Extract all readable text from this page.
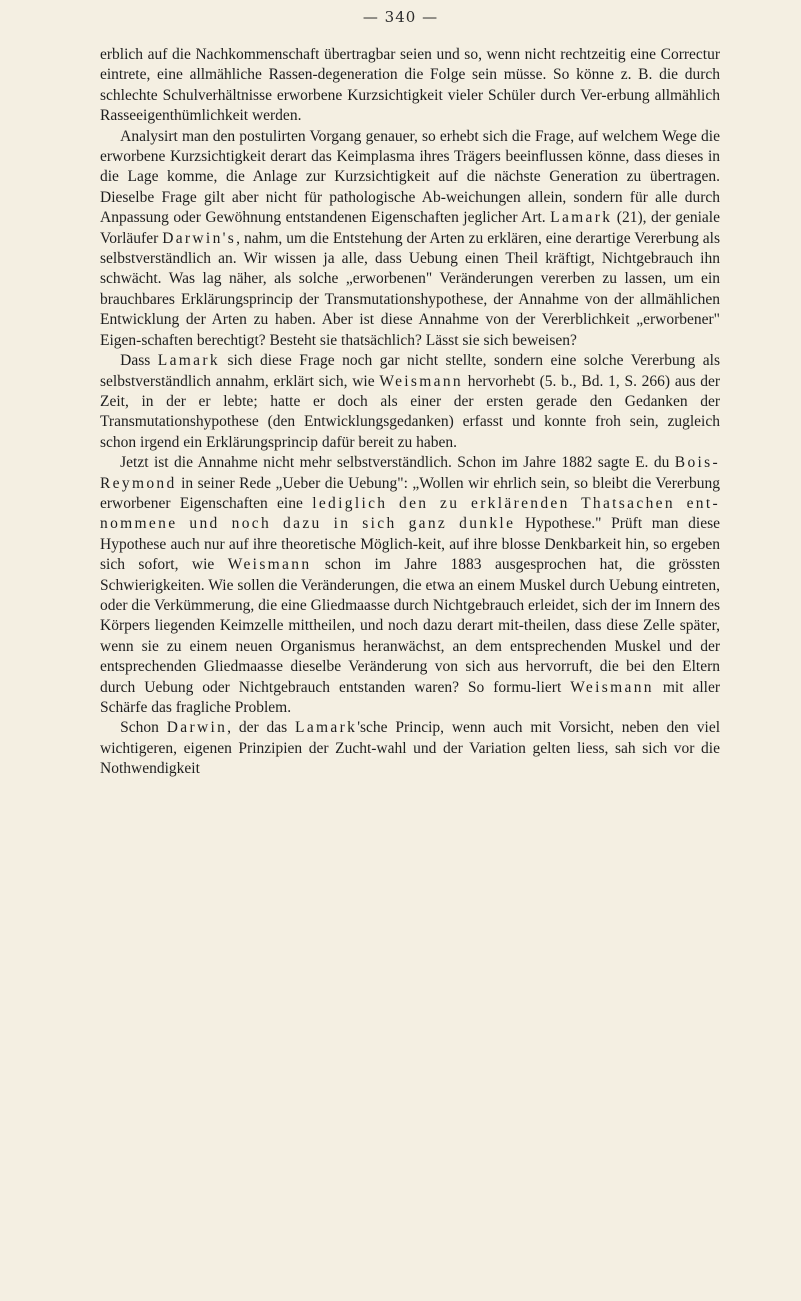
— 340 —

erblich auf die Nachkommenschaft übertragbar seien und so, wenn nicht rechtzeitig eine Correctur eintrete, eine allmähliche Rassen-degeneration die Folge sein müsse. So könne z. B. die durch schlechte Schulverhältnisse erworbene Kurzsichtigkeit vieler Schüler durch Ver-erbung allmählich Rasseeigenthümlichkeit werden.

Analysirt man den postulirten Vorgang genauer, so erhebt sich die Frage, auf welchem Wege die erworbene Kurzsichtigkeit derart das Keimplasma ihres Trägers beeinflussen könne, dass dieses in die Lage komme, die Anlage zur Kurzsichtigkeit auf die nächste Generation zu übertragen. Dieselbe Frage gilt aber nicht für pathologische Ab-weichungen allein, sondern für alle durch Anpassung oder Gewöhnung entstandenen Eigenschaften jeglicher Art. Lamark (21), der geniale Vorläufer Darwin's, nahm, um die Entstehung der Arten zu erklären, eine derartige Vererbung als selbstverständlich an. Wir wissen ja alle, dass Uebung einen Theil kräftigt, Nichtgebrauch ihn schwächt. Was lag näher, als solche „erworbenen" Veränderungen vererben zu lassen, um ein brauchbares Erklärungsprincip der Transmutationshypothese, der Annahme von der allmählichen Entwicklung der Arten zu haben. Aber ist diese Annahme von der Vererblichkeit „erworbener" Eigen-schaften berechtigt? Besteht sie thatsächlich? Lässt sie sich beweisen?

Dass Lamark sich diese Frage noch gar nicht stellte, sondern eine solche Vererbung als selbstverständlich annahm, erklärt sich, wie Weismann hervorhebt (5. b., Bd. 1, S. 266) aus der Zeit, in der er lebte; hatte er doch als einer der ersten gerade den Gedanken der Transmutationshypothese (den Entwicklungsgedanken) erfasst und konnte froh sein, zugleich schon irgend ein Erklärungsprincip dafür bereit zu haben.

Jetzt ist die Annahme nicht mehr selbstverständlich. Schon im Jahre 1882 sagte E. du Bois-Reymond in seiner Rede „Ueber die Uebung": „Wollen wir ehrlich sein, so bleibt die Vererbung erworbener Eigenschaften eine lediglich den zu erklärenden Thatsachen ent-nommene und noch dazu in sich ganz dunkle Hypothese." Prüft man diese Hypothese auch nur auf ihre theoretische Möglich-keit, auf ihre blosse Denkbarkeit hin, so ergeben sich sofort, wie Weismann schon im Jahre 1883 ausgesprochen hat, die grössten Schwierigkeiten. Wie sollen die Veränderungen, die etwa an einem Muskel durch Uebung eintreten, oder die Verkümmerung, die eine Gliedmaasse durch Nichtgebrauch erleidet, sich der im Innern des Körpers liegenden Keimzelle mittheilen, und noch dazu derart mit-theilen, dass diese Zelle später, wenn sie zu einem neuen Organismus heranwächst, an dem entsprechenden Muskel und der entsprechenden Gliedmaasse dieselbe Veränderung von sich aus hervorruft, die bei den Eltern durch Uebung oder Nichtgebrauch entstanden waren? So formu-liert Weismann mit aller Schärfe das fragliche Problem.

Schon Darwin, der das Lamark'sche Princip, wenn auch mit Vorsicht, neben den viel wichtigeren, eigenen Prinzipien der Zucht-wahl und der Variation gelten liess, sah sich vor die Nothwendigkeit
